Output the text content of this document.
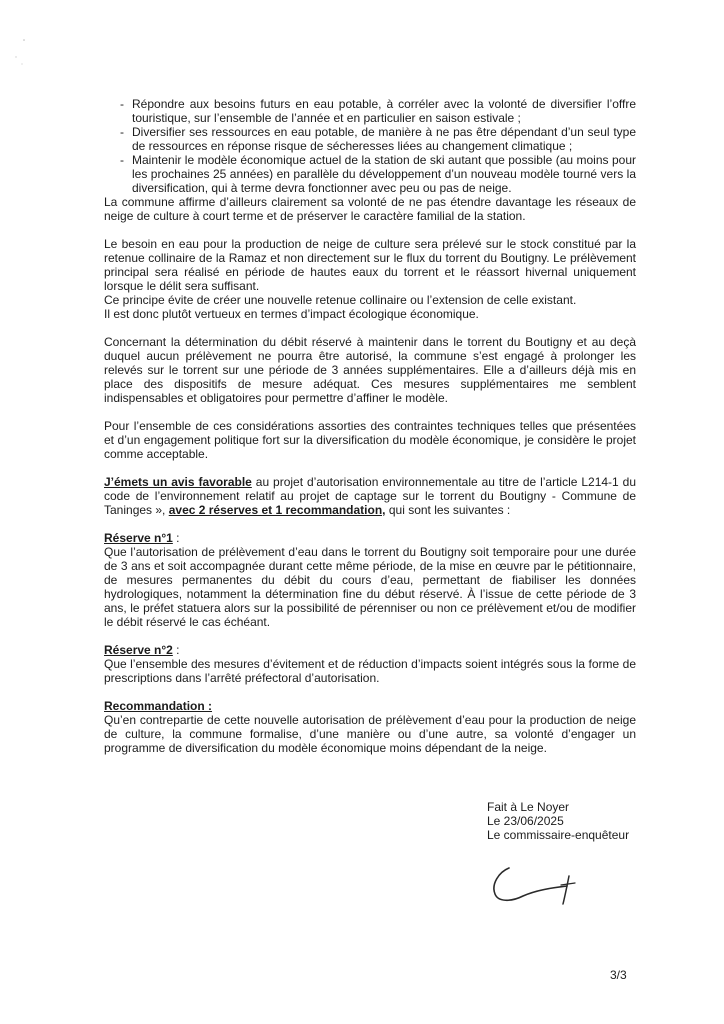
- Répondre aux besoins futurs en eau potable, à corréler avec la volonté de diversifier l’offre touristique, sur l’ensemble de l’année et en particulier en saison estivale ;
- Diversifier ses ressources en eau potable, de manière à ne pas être dépendant d’un seul type de ressources en réponse risque de sécheresses liées au changement climatique ;
- Maintenir le modèle économique actuel de la station de ski autant que possible (au moins pour les prochaines 25 années) en parallèle du développement d’un nouveau modèle tourné vers la diversification, qui à terme devra fonctionner avec peu ou pas de neige.

La commune affirme d’ailleurs clairement sa volonté de ne pas étendre davantage les réseaux de neige de culture à court terme et de préserver le caractère familial de la station.

Le besoin en eau pour la production de neige de culture sera prélevé sur le stock constitué par la retenue collinaire de la Ramaz et non directement sur le flux du torrent du Boutigny. Le prélèvement principal sera réalisé en période de hautes eaux du torrent et le réassort hivernal uniquement lorsque le délit sera suffisant.

Ce principe évite de créer une nouvelle retenue collinaire ou l’extension de celle existant.

Il est donc plutôt vertueux en termes d’impact écologique économique.

Concernant la détermination du débit réservé à maintenir dans le torrent du Boutigny et au deçà duquel aucun prélèvement ne pourra être autorisé, la commune s’est engagé à prolonger les relevés sur le torrent sur une période de 3 années supplémentaires. Elle a d’ailleurs déjà mis en place des dispositifs de mesure adéquat. Ces mesures supplémentaires me semblent indispensables et obligatoires pour permettre d’affiner le modèle.

Pour l’ensemble de ces considérations assorties des contraintes techniques telles que présentées et d’un engagement politique fort sur la diversification du modèle économique, je considère le projet comme acceptable.

J’émets un avis favorable au projet d’autorisation environnementale au titre de l’article L214-1 du code de l’environnement relatif au projet de captage sur le torrent du Boutigny - Commune de Taninges », avec 2 réserves et 1 recommandation, qui sont les suivantes :

Réserve n°1 :

Que l’autorisation de prélèvement d’eau dans le torrent du Boutigny soit temporaire pour une durée de 3 ans et soit accompagnée durant cette même période, de la mise en œuvre par le pétitionnaire, de mesures permanentes du débit du cours d’eau, permettant de fiabiliser les données hydrologiques, notamment la détermination fine du début réservé. À l’issue de cette période de 3 ans, le préfet statuera alors sur la possibilité de pérenniser ou non ce prélèvement et/ou de modifier le débit réservé le cas échéant.

Réserve n°2 :

Que l’ensemble des mesures d’évitement et de réduction d’impacts soient intégrés sous la forme de prescriptions dans l’arrêté préfectoral d’autorisation.

Recommandation :

Qu’en contrepartie de cette nouvelle autorisation de prélèvement d’eau pour la production de neige de culture, la commune formalise, d’une manière ou d’une autre, sa volonté d’engager un programme de diversification du modèle économique moins dépendant de la neige.

Fait à Le Noyer
Le 23/06/2025
Le commissaire-enquêteur
3/3
